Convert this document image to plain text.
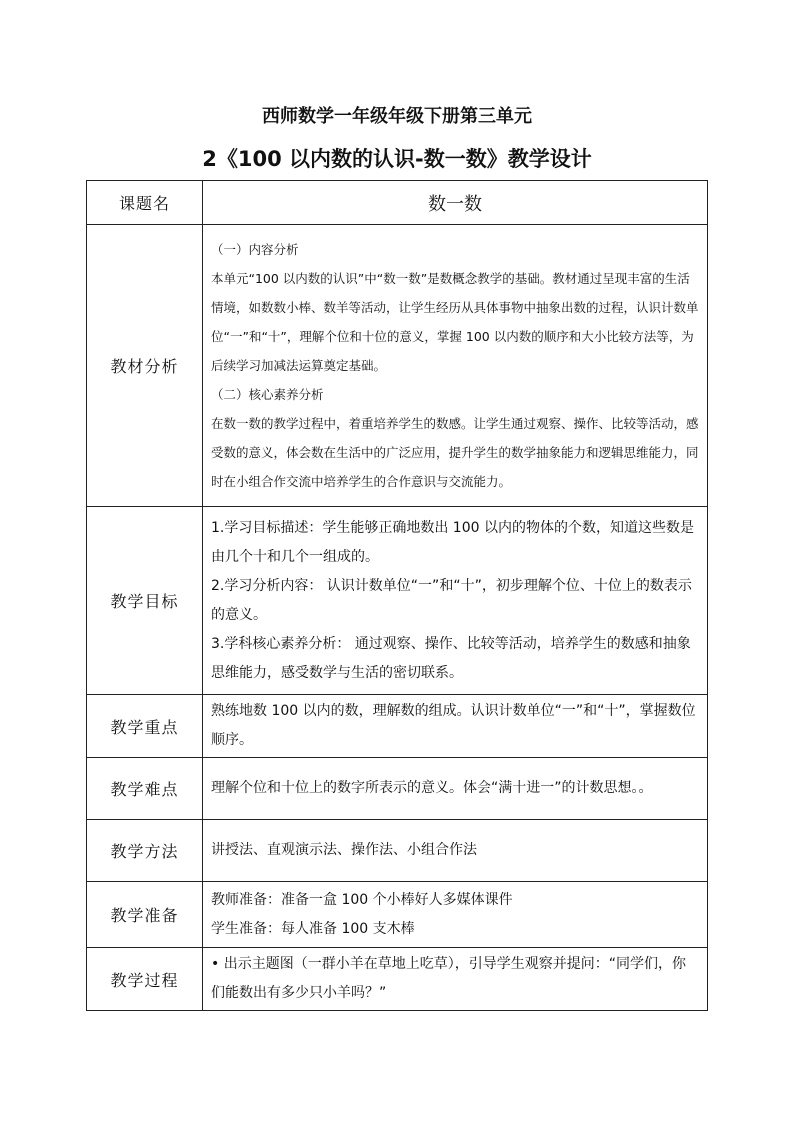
西师数学一年级年级下册第三单元
2《100 以内数的认识-数一数》教学设计
课题名	数一数
教材分析	（一）内容分析
本单元“100 以内数的认识”中“数一数”是数概念教学的基础。教材通过呈现丰富的生活情境，如数数小棒、数羊等活动，让学生经历从具体事物中抽象出数的过程，认识计数单位“一”和“十”，理解个位和十位的意义，掌握 100 以内数的顺序和大小比较方法等，为后续学习加减法运算奠定基础。
（二）核心素养分析
在数一数的教学过程中，着重培养学生的数感。让学生通过观察、操作、比较等活动，感受数的意义，体会数在生活中的广泛应用，提升学生的数学抽象能力和逻辑思维能力，同时在小组合作交流中培养学生的合作意识与交流能力。

教学目标	1.学习目标描述：学生能够正确地数出 100 以内的物体的个数，知道这些数是由几个十和几个一组成的。
2.学习分析内容： 认识计数单位“一”和“十”，初步理解个位、十位上的数表示的意义。
3.学科核心素养分析： 通过观察、操作、比较等活动，培养学生的数感和抽象思维能力，感受数学与生活的密切联系。

教学重点	熟练地数 100 以内的数，理解数的组成。认识计数单位“一”和“十”，掌握数位顺序。
教学难点	理解个位和十位上的数字所表示的意义。体会“满十进一”的计数思想。。
教学方法	讲授法、直观演示法、操作法、小组合作法
教学准备	教师准备：准备一盒 100 个小棒好人多媒体课件
学生准备：每人准备 100 支木棒

教学过程	• 出示主题图（一群小羊在草地上吃草），引导学生观察并提问：“同学们，你们能数出有多少只小羊吗？”
